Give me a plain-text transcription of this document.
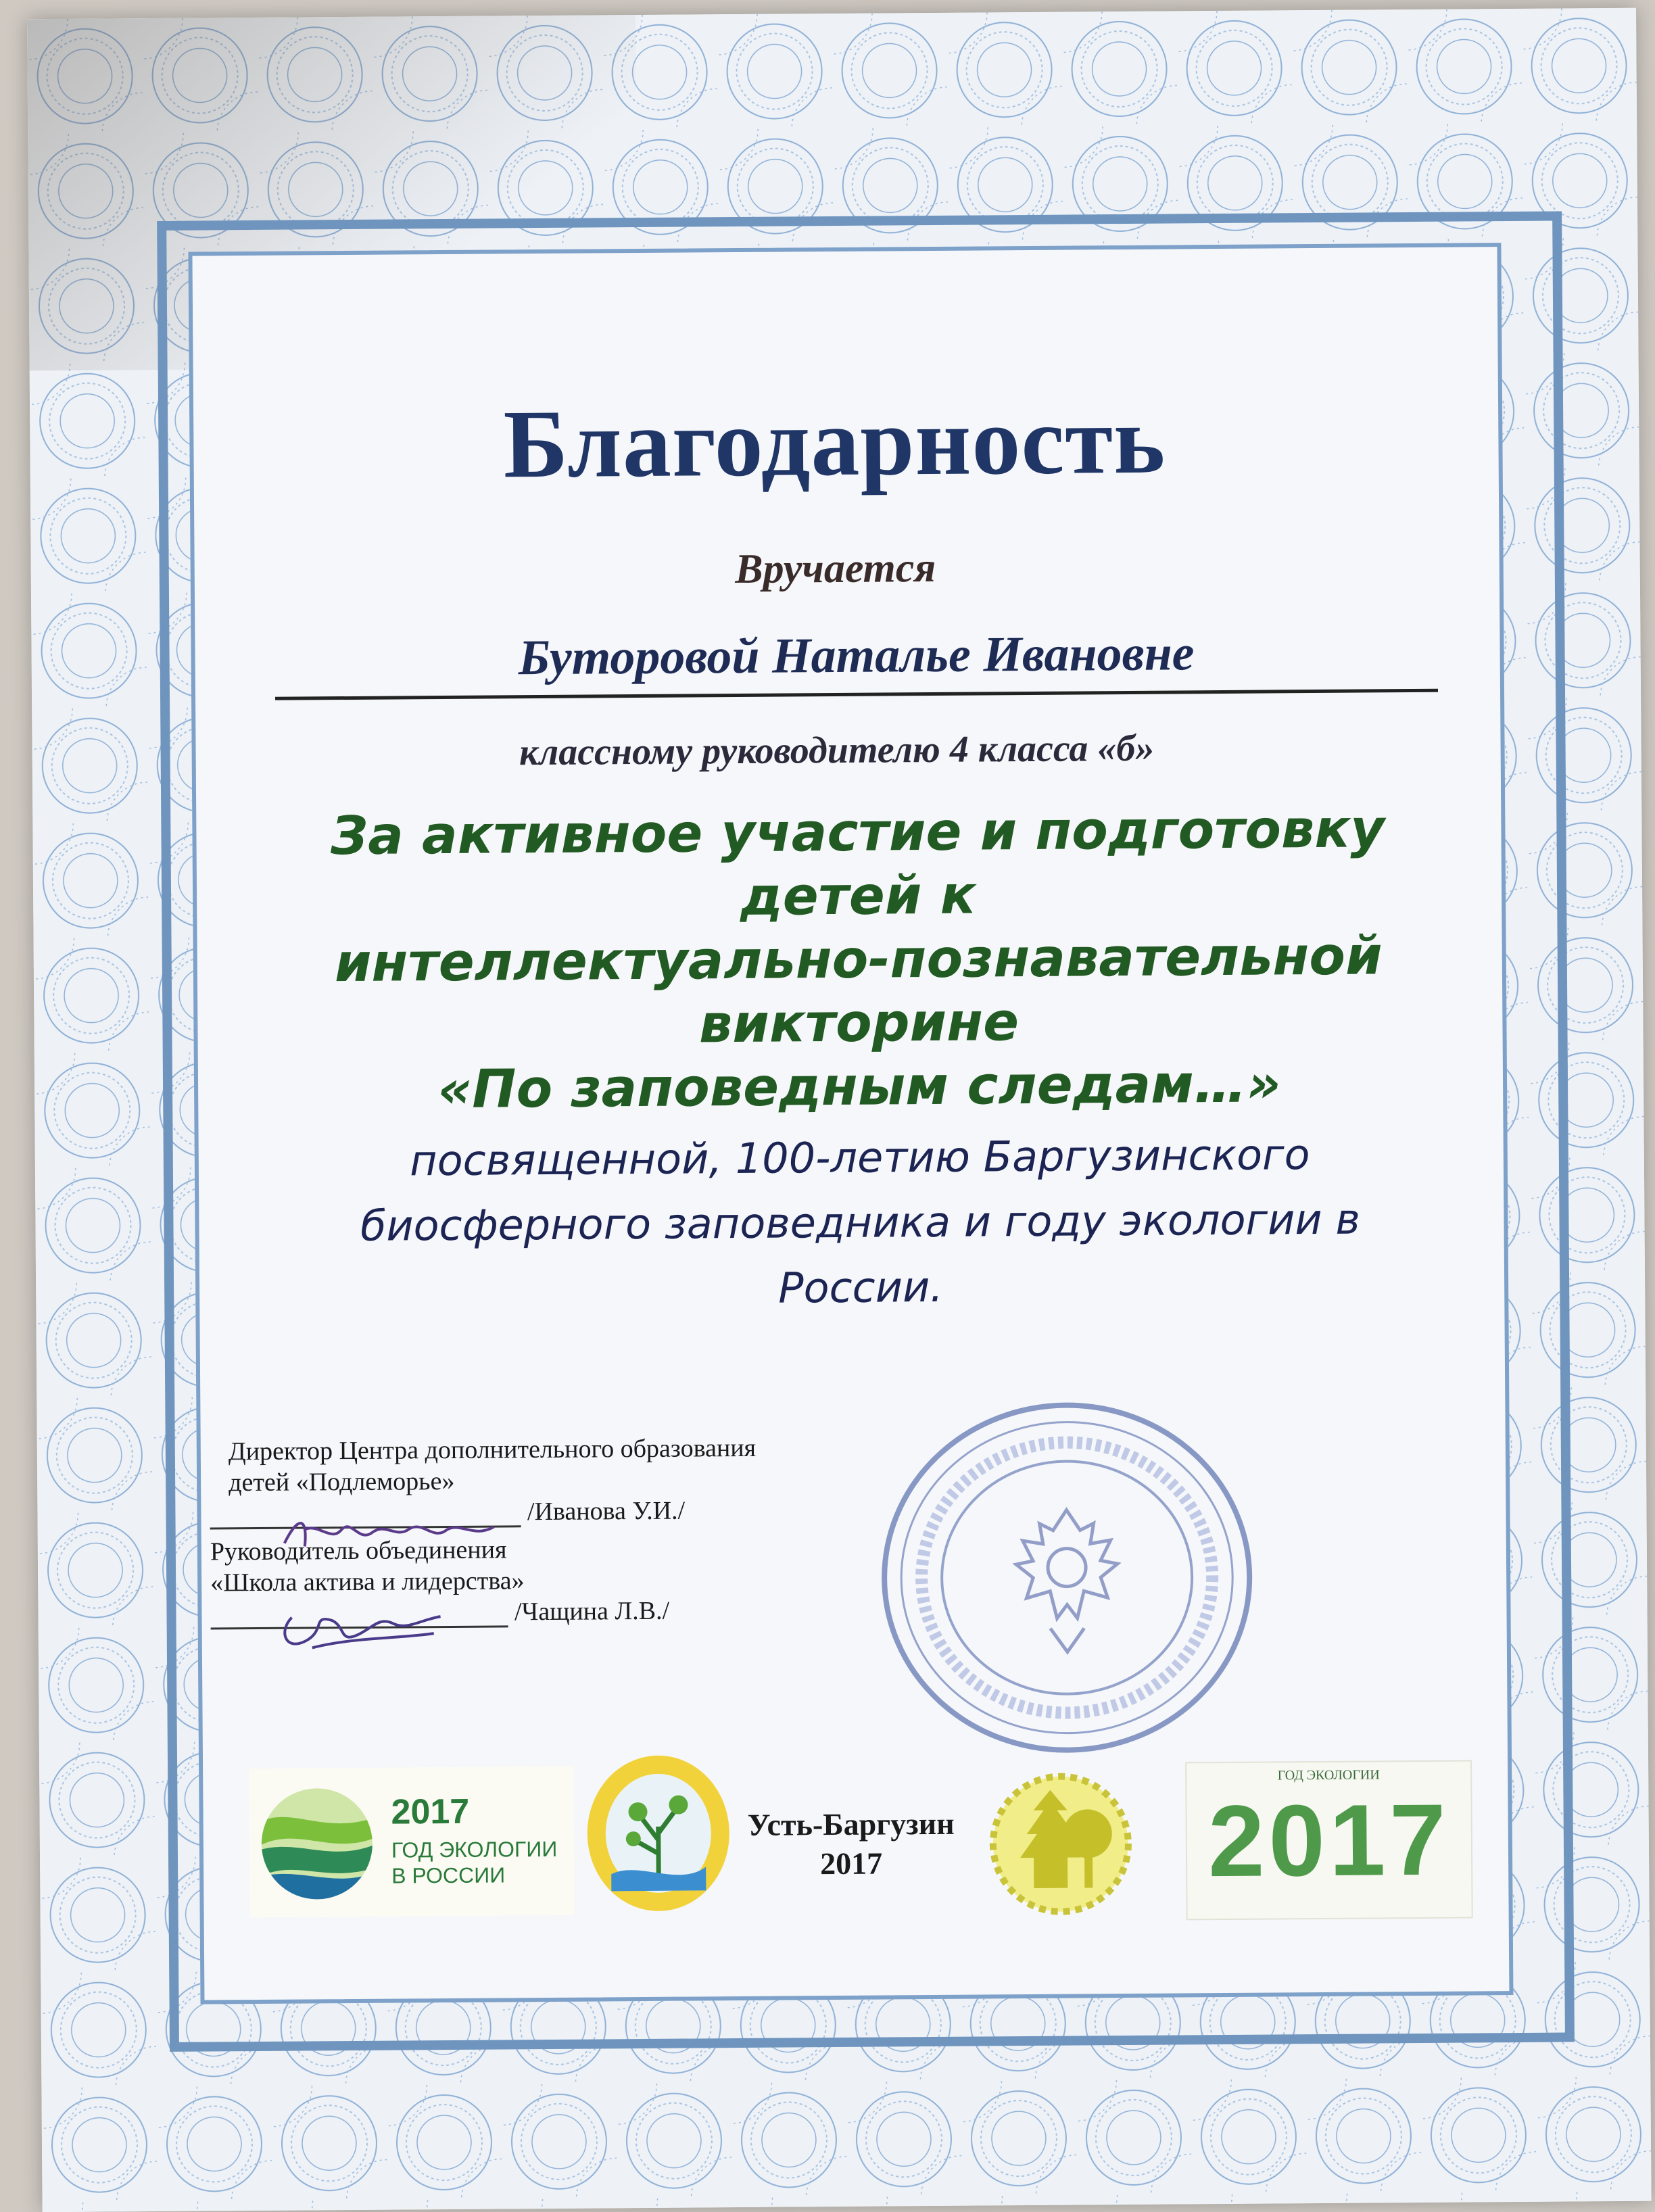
Благодарность
Вручается
Буторовой Наталье Ивановне
классному руководителю 4 класса «б»
За активное участие и подготовку
детей к
интеллектуально-познавательной
викторине
«По заповедным следам…»
посвященной, 100-летию Баргузинского
биосферного заповедника и году экологии в
России.
Директор Центра дополнительного образования
детей «Подлеморье»
/Иванова У.И./
Руководитель объединения
«Школа актива и лидерства»
/Чащина Л.В./
2017
ГОД ЭКОЛОГИИ
В РОССИИ
Усть-Баргузин
2017
ГОД ЭКОЛОГИИ
2017
